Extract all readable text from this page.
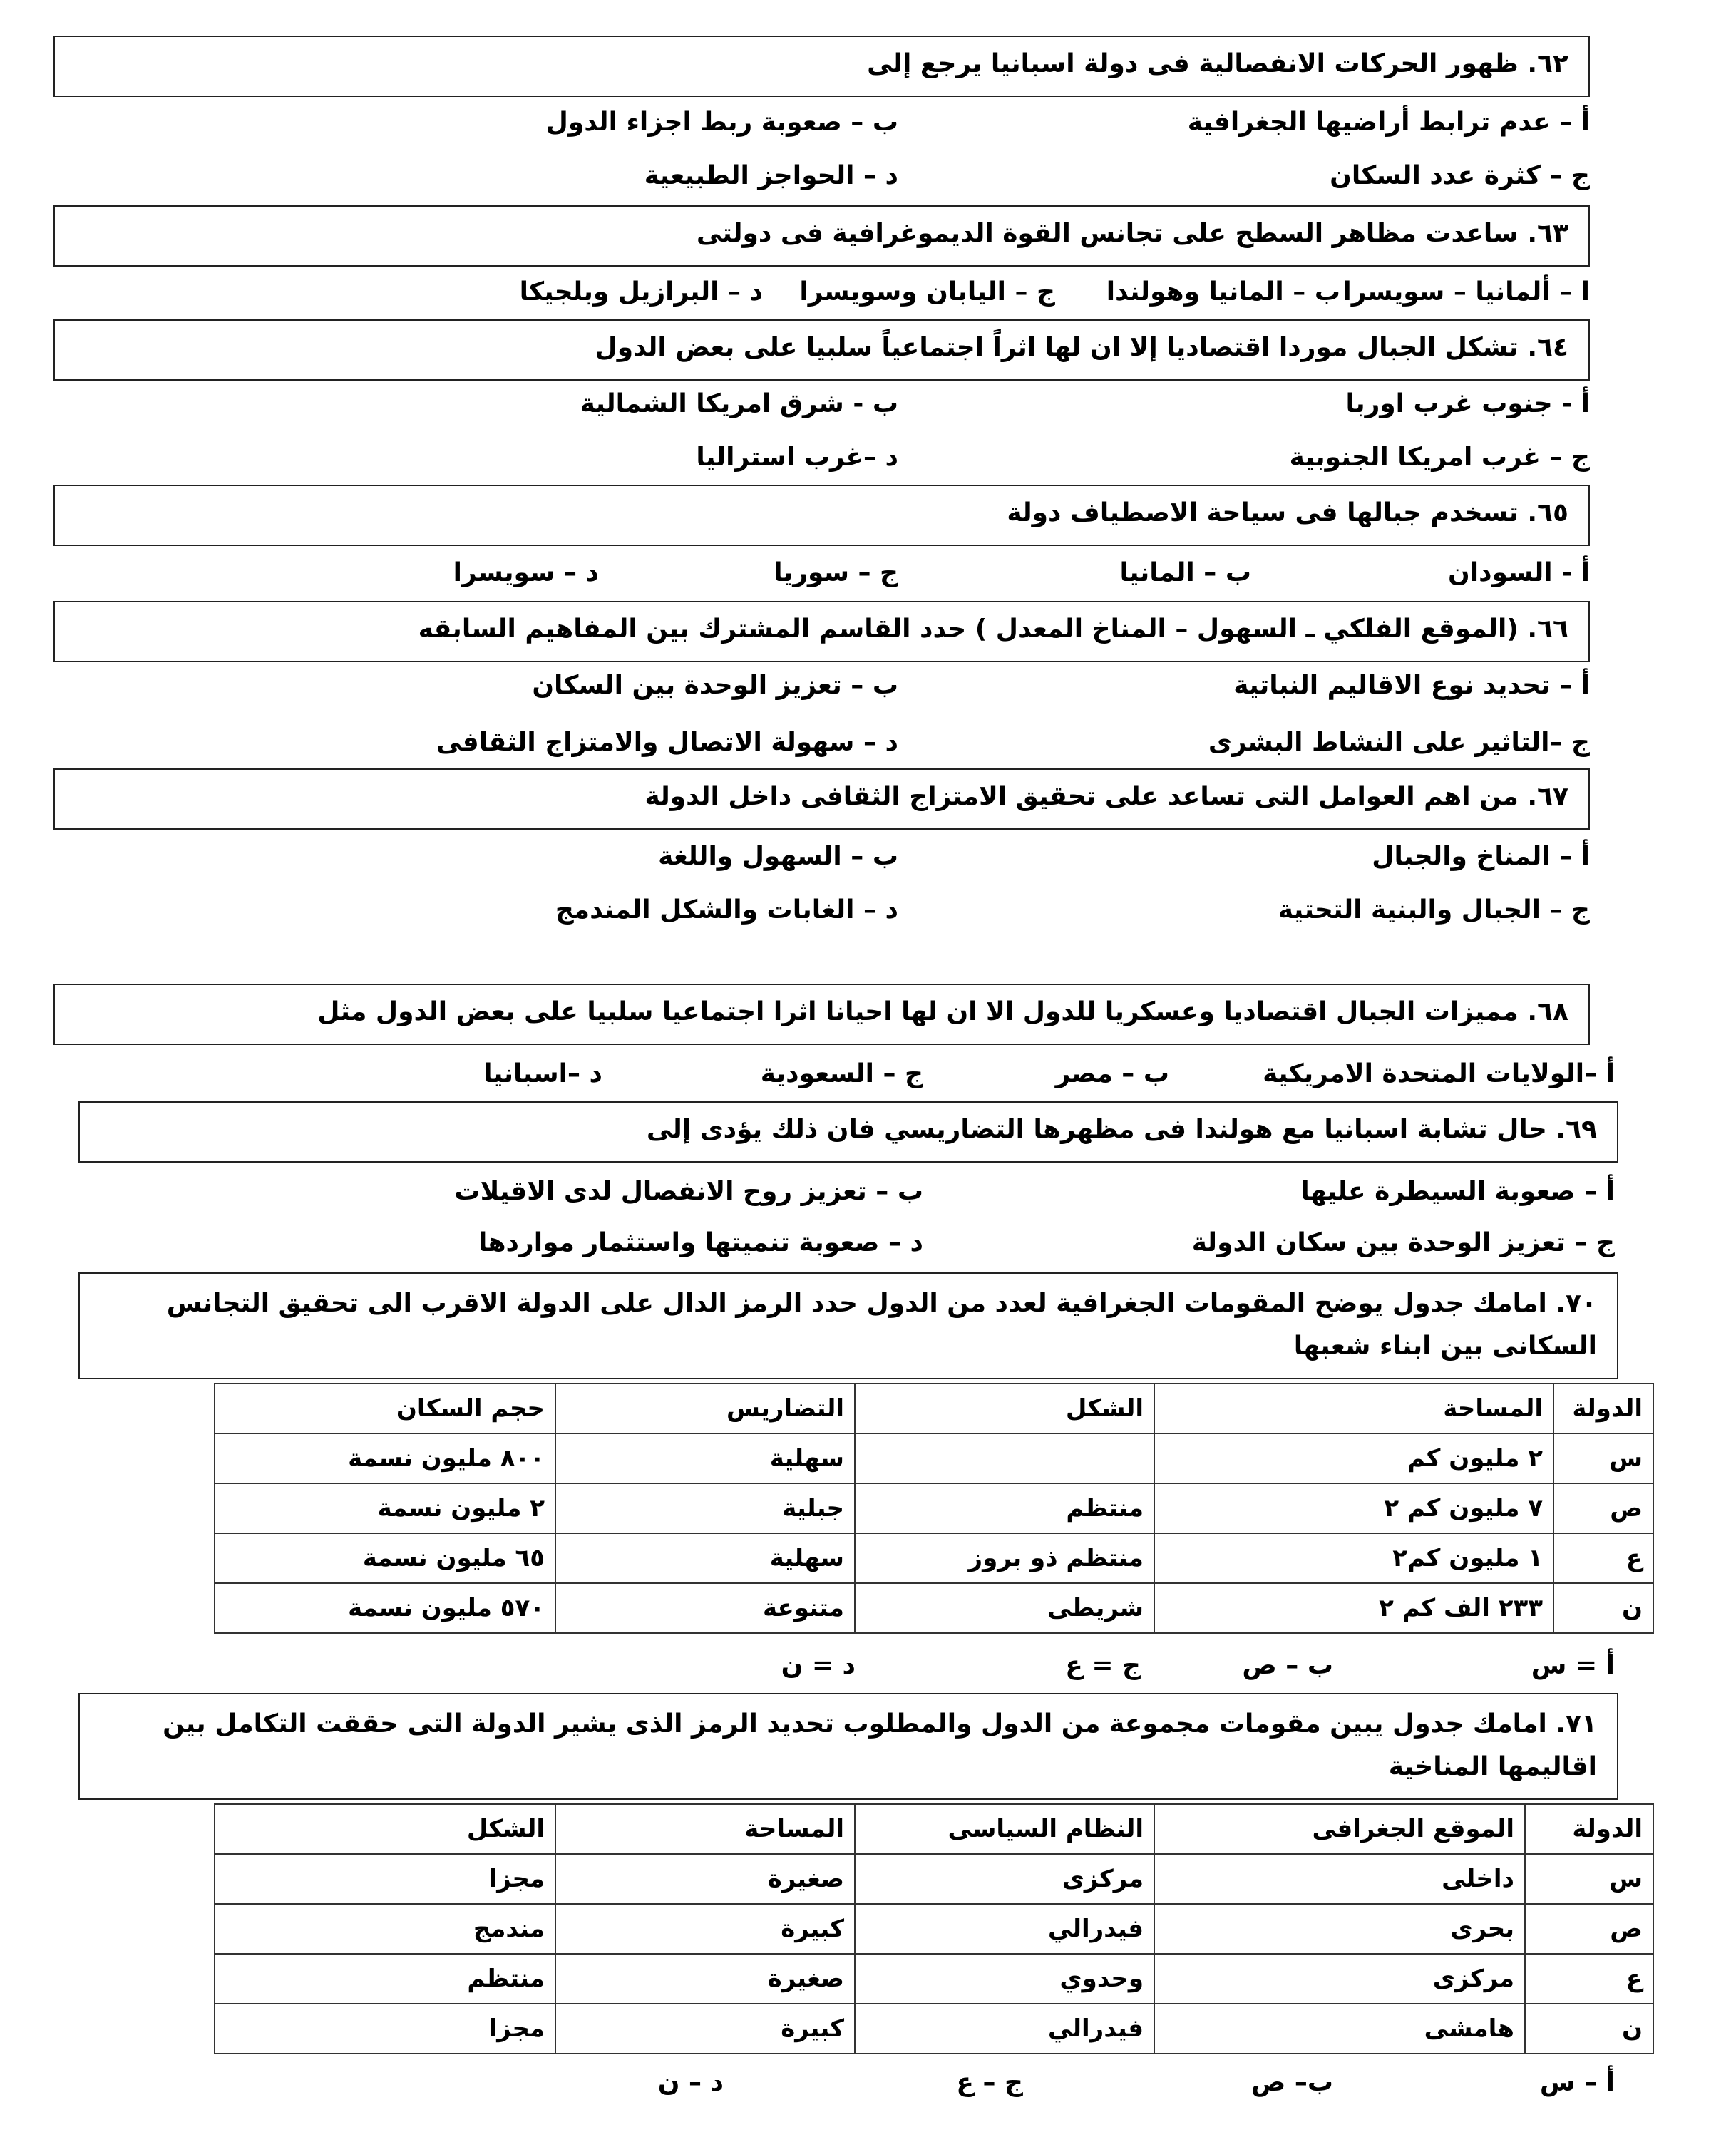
٦٢. ظهور الحركات الانفصالية فى دولة اسبانيا يرجع إلى
أ – عدم ترابط أراضيها الجغرافية
ب – صعوبة ربط اجزاء الدول
ج – كثرة عدد السكان
د – الحواجز الطبيعية
٦٣. ساعدت مظاهر السطح على تجانس القوة الديموغرافية فى دولتى
ا – ألمانيا – سويسرا
ب – المانيا وهولندا
ج – اليابان وسويسرا
د – البرازيل وبلجيكا
٦٤. تشكل الجبال موردا اقتصاديا إلا ان لها اثراً اجتماعياً سلبيا على بعض الدول
أ - جنوب غرب اوربا
ب - شرق امريكا الشمالية
ج – غرب امريكا الجنوبية
د –غرب استراليا
٦٥. تسخدم جبالها فى سياحة الاصطياف دولة
أ - السودان
ب – المانيا
ج – سوريا
د – سويسرا
٦٦. (الموقع الفلكي ـ السهول – المناخ المعدل ) حدد القاسم المشترك بين المفاهيم السابقه
أ – تحديد نوع الاقاليم النباتية
ب – تعزيز الوحدة بين السكان
ج –التاثير على النشاط البشرى
د – سهولة الاتصال والامتزاج الثقافى
٦٧. من اهم العوامل التى تساعد على تحقيق الامتزاج الثقافى داخل الدولة
أ – المناخ والجبال
ب – السهول واللغة
ج – الجبال والبنية التحتية
د – الغابات والشكل المندمج
٦٨. مميزات الجبال اقتصاديا وعسكريا للدول الا ان لها احيانا اثرا اجتماعيا سلبيا على بعض الدول مثل
أ –الولايات المتحدة الامريكية
ب – مصر
ج – السعودية
د –اسبانيا
٦٩. حال تشابة اسبانيا مع هولندا فى مظهرها التضاريسي فان ذلك يؤدى إلى
أ – صعوبة السيطرة عليها
ب – تعزيز روح الانفصال لدى الاقيلات
ج – تعزيز الوحدة بين سكان الدولة
د – صعوبة تنميتها واستثمار مواردها
٧٠. امامك جدول يوضح المقومات الجغرافية لعدد من الدول حدد الرمز الدال على الدولة الاقرب الى تحقيق التجانس السكانى بين ابناء شعبها
الدولة	المساحة	الشكل	التضاريس	حجم السكان
س	٢ مليون كم		سهلية	٨٠٠ مليون نسمة
ص	٧ مليون كم ٢	منتظم	جبلية	٢ مليون نسمة
ع	١ مليون كم٢	منتظم ذو بروز	سهلية	٦٥ مليون نسمة
ن	٢٣٣ الف كم ٢	شريطى	متنوعة	٥٧٠ مليون نسمة
أ = س
ب – ص
ج = ع
د = ن
٧١. امامك جدول يبين مقومات مجموعة من الدول والمطلوب تحديد الرمز الذى يشير الدولة التى حققت التكامل بين اقاليمها المناخية
الدولة	الموقع الجغرافى	النظام السياسى	المساحة	الشكل
س	داخلى	مركزى	صغيرة	مجزا
ص	بحرى	فيدرالي	كبيرة	مندمج
ع	مركزى	وحدوي	صغيرة	منتظم
ن	هامشى	فيدرالي	كبيرة	مجزا
أ – س
ب– ص
ج – ع
د – ن
